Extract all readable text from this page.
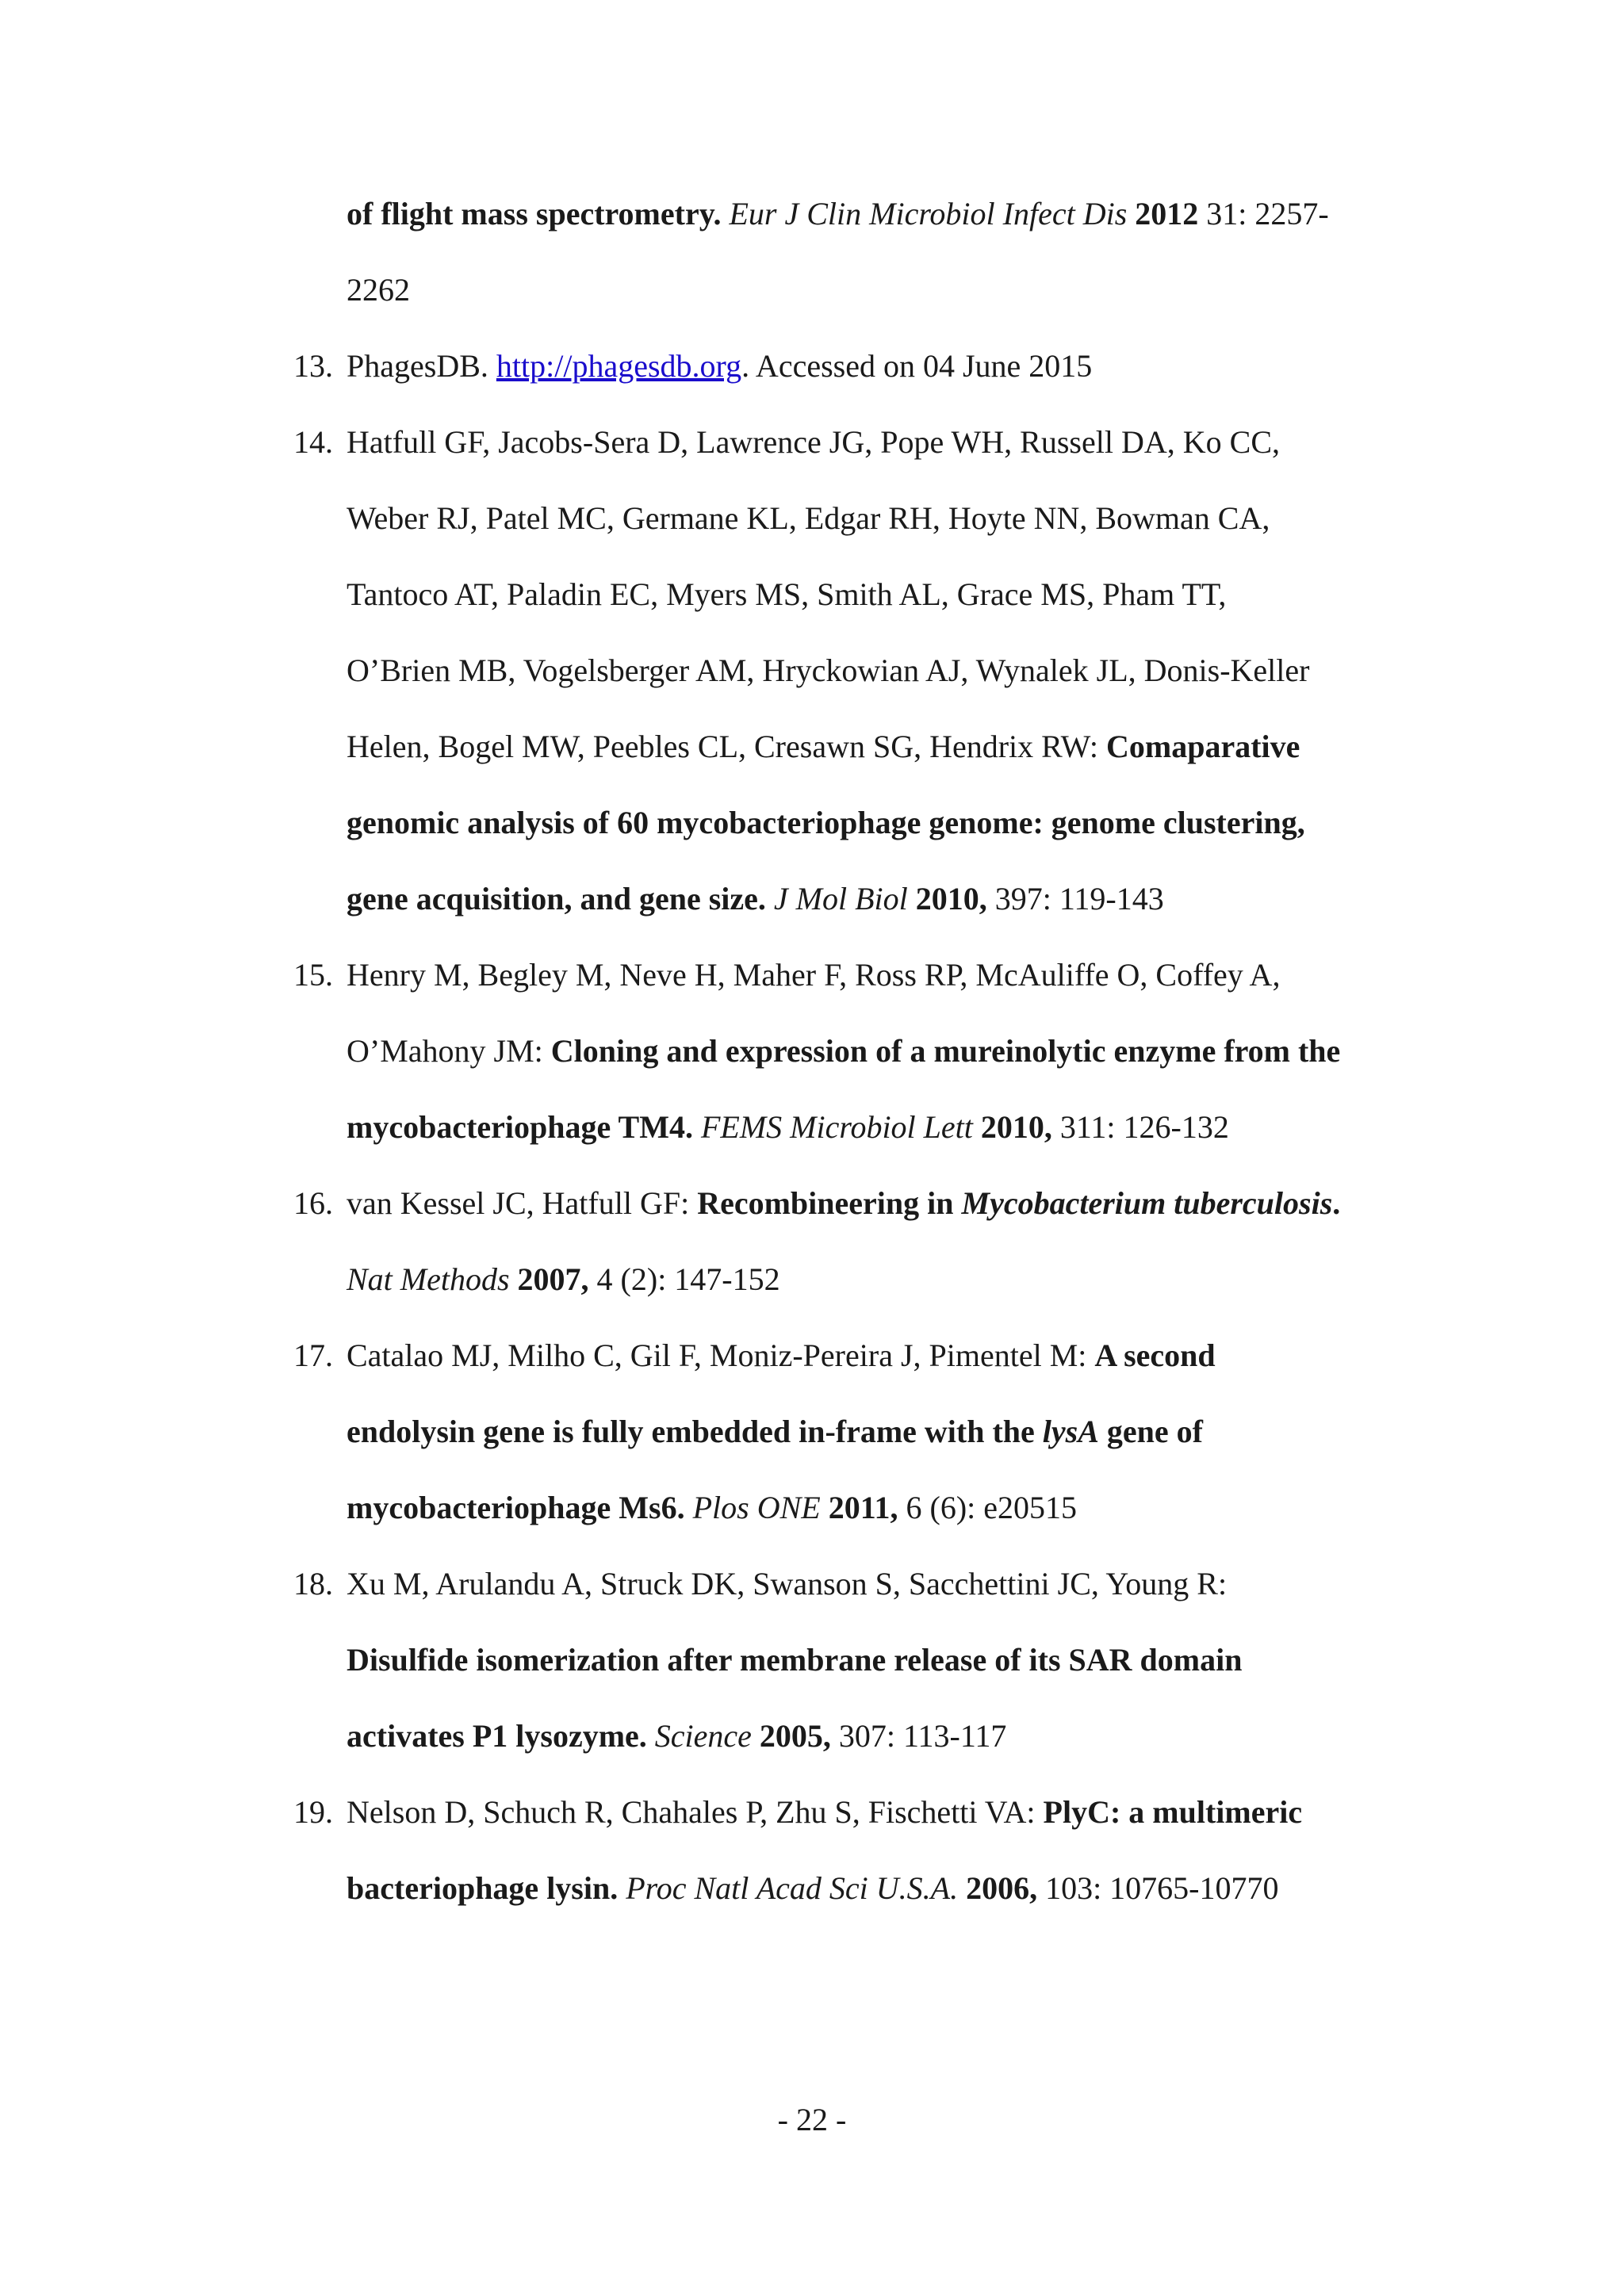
of flight mass spectrometry. Eur J Clin Microbiol Infect Dis 2012 31: 2257-
2262
13. PhagesDB. http://phagesdb.org. Accessed on 04 June 2015
14. Hatfull GF, Jacobs-Sera D, Lawrence JG, Pope WH, Russell DA, Ko CC,
Weber RJ, Patel MC, Germane KL, Edgar RH, Hoyte NN, Bowman CA,
Tantoco AT, Paladin EC, Myers MS, Smith AL, Grace MS, Pham TT,
O’Brien MB, Vogelsberger AM, Hryckowian AJ, Wynalek JL, Donis-Keller
Helen, Bogel MW, Peebles CL, Cresawn SG, Hendrix RW: Comaparative
genomic analysis of 60 mycobacteriophage genome: genome clustering,
gene acquisition, and gene size. J Mol Biol 2010, 397: 119-143
15. Henry M, Begley M, Neve H, Maher F, Ross RP, McAuliffe O, Coffey A,
O’Mahony JM: Cloning and expression of a mureinolytic enzyme from the
mycobacteriophage TM4. FEMS Microbiol Lett 2010, 311: 126-132
16. van Kessel JC, Hatfull GF: Recombineering in Mycobacterium tuberculosis.
Nat Methods 2007, 4 (2): 147-152
17. Catalao MJ, Milho C, Gil F, Moniz-Pereira J, Pimentel M: A second
endolysin gene is fully embedded in-frame with the lysA gene of
mycobacteriophage Ms6. Plos ONE 2011, 6 (6): e20515
18. Xu M, Arulandu A, Struck DK, Swanson S, Sacchettini JC, Young R:
Disulfide isomerization after membrane release of its SAR domain
activates P1 lysozyme. Science 2005, 307: 113-117
19. Nelson D, Schuch R, Chahales P, Zhu S, Fischetti VA: PlyC: a multimeric
bacteriophage lysin. Proc Natl Acad Sci U.S.A. 2006, 103: 10765-10770
- 22 -
